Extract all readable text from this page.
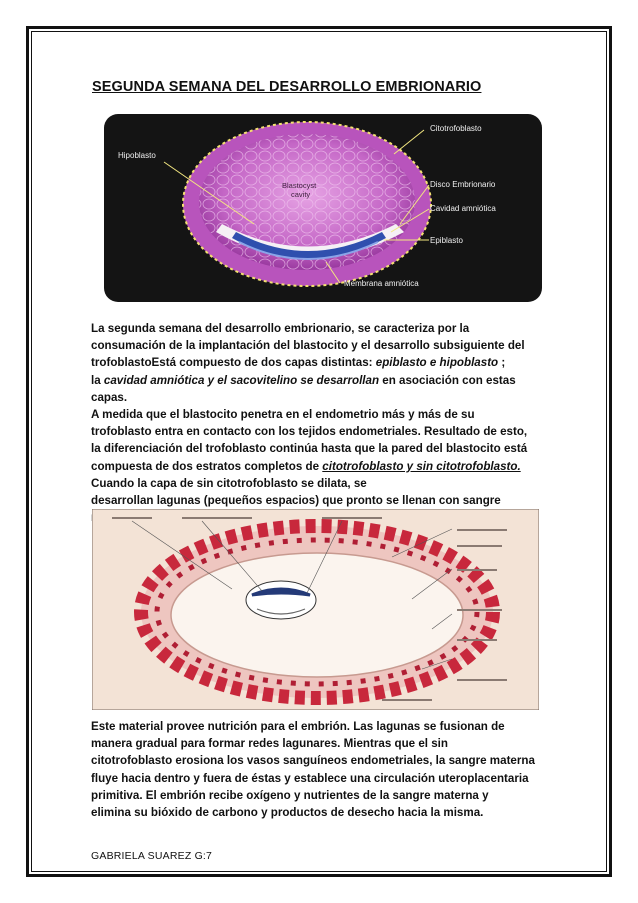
SEGUNDA SEMANA DEL DESARROLLO EMBRIONARIO
Blastocyst
cavity
Hipoblasto
Citotrofoblasto
Disco Embrionario
Cavidad amniótica
Epiblasto
Membrana amniótica
La segunda semana del desarrollo embrionario, se caracteriza por la
consumación de la implantación del blastocito y el desarrollo subsiguiente del
trofoblastoEstá compuesto de dos capas distintas: epiblasto e hipoblasto ;
la cavidad amniótica y el sacovitelino se desarrollan en asociación con estas
capas.
A medida que el blastocito penetra en el endometrio más y más de su
trofoblasto entra en contacto con los tejidos endometriales. Resultado de esto,
la diferenciación del trofoblasto continúa hasta que la pared del blastocito está
compuesta de dos estratos completos de citotrofoblasto y sin citotrofoblasto.
Cuando la capa de sin citotrofoblasto se dilata, se
desarrollan lagunas (pequeños espacios) que pronto se llenan con sangre
Este material provee nutrición para el embrión. Las lagunas se fusionan de
manera gradual para formar redes lagunares. Mientras que el sin
citotrofoblasto erosiona los vasos sanguíneos endometriales, la sangre materna
fluye hacia dentro y fuera de éstas y establece una circulación uteroplacentaria
primitiva. El embrión recibe oxígeno y nutrientes de la sangre materna y
elimina su bióxido de carbono y productos de desecho hacia la misma.
GABRIELA SUAREZ G:7
